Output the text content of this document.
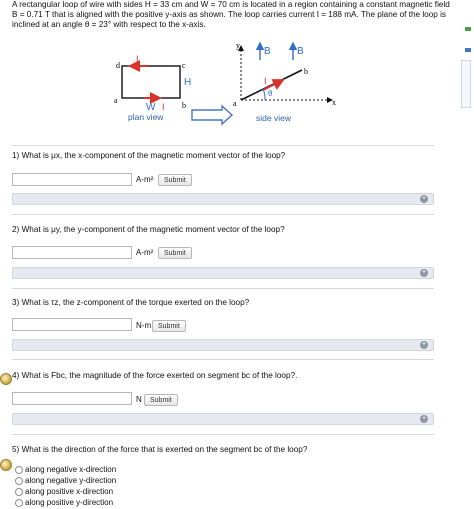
A rectangular loop of wire with sides H = 33 cm and W = 70 cm is located in a region containing a constant magnetic field
B = 0.71 T that is aligned with the positive y-axis as shown. The loop carries current I = 188 mA. The plane of the loop is
inclined at an angle θ = 23° with respect to the x-axis.
d	c
a
b
H
W
I
I
plan view
y
x
B	B
I
θ
a
b
side view
1) What is μx, the x-component of the magnetic moment vector of the loop?
A-m²	Submit
+
2) What is μy, the y-component of the magnetic moment vector of the loop?
A-m²	Submit
+
3) What is τz, the z-component of the torque exerted on the loop?
N-m Submit
+
4) What is Fbc, the magnitude of the force exerted on segment bc of the loop?.
N	Submit
+
5) What is the direction of the force that is exerted on the segment bc of the loop?
along negative x-direction
along negative y-direction
along positive x-direction
along positive y-direction
